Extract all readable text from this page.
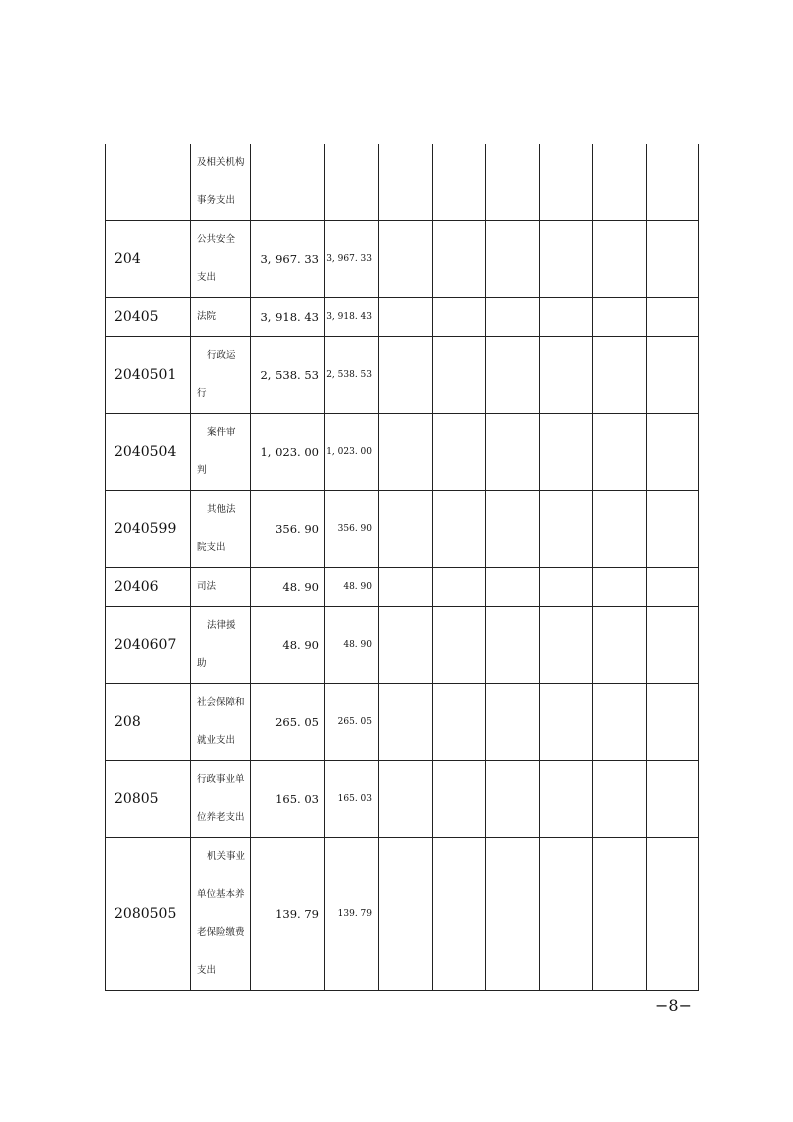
	及相关机构
事务支出								

204	公共安全
支出	3, 967. 33	3, 967. 33						
20405	法院	3, 918. 43	3, 918. 43						
2040501	行政运
行	2, 538. 53	2, 538. 53						
2040504	案件审
判	1, 023. 00	1, 023. 00						
2040599	其他法
院支出	356. 90	356. 90						
20406	司法	48. 90	48. 90						
2040607	法律援
助	48. 90	48. 90						
208	社会保障和
就业支出	265. 05	265. 05						
20805	行政事业单
位养老支出	165. 03	165. 03						
2080505	机关事业
单位基本养
老保险缴费
支出	139. 79	139. 79						
−8−
